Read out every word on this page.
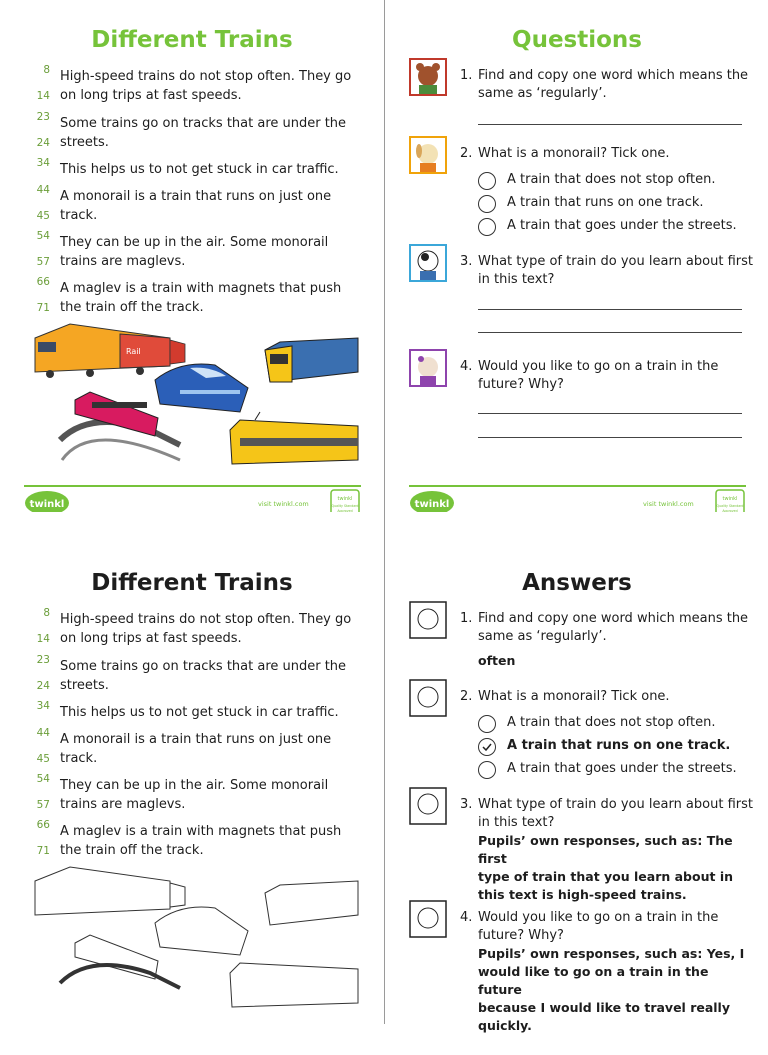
Different Trains
8 High-speed trains do not stop often. They go
14 on long trips at fast speeds.
23 Some trains go on tracks that are under the
24 streets.
34 This helps us to not get stuck in car traffic.
44 A monorail is a train that runs on just one
45 track.
54 They can be up in the air. Some monorail
57 trains are maglevs.
66 A maglev is a train with magnets that push
71 the train off the track.
Rail
twinkl	visit twinkl.com
twinkl
Quality Standard
Approved
Questions
1. Find and copy one word which means the
same as ‘regularly’.
2. What is a monorail? Tick one.
A train that does not stop often.
A train that runs on one track.
A train that goes under the streets.
3. What type of train do you learn about first
in this text?
4. Would you like to go on a train in the
future? Why?
twinkl	visit twinkl.com
twinkl
Quality Standard
Approved
Different Trains
8 High-speed trains do not stop often. They go
14 on long trips at fast speeds.
23 Some trains go on tracks that are under the
24 streets.
34 This helps us to not get stuck in car traffic.
44 A monorail is a train that runs on just one
45 track.
54 They can be up in the air. Some monorail
57 trains are maglevs.
66 A maglev is a train with magnets that push
71 the train off the track.
Answers
1. Find and copy one word which means the
same as ‘regularly’.
often
2. What is a monorail? Tick one.
A train that does not stop often.
A train that runs on one track.
A train that goes under the streets.
3. What type of train do you learn about first
in this text?
Pupils’ own responses, such as: The first
type of train that you learn about in
this text is high-speed trains.
4. Would you like to go on a train in the
future? Why?
Pupils’ own responses, such as: Yes, I
would like to go on a train in the future
because I would like to travel really
quickly.
